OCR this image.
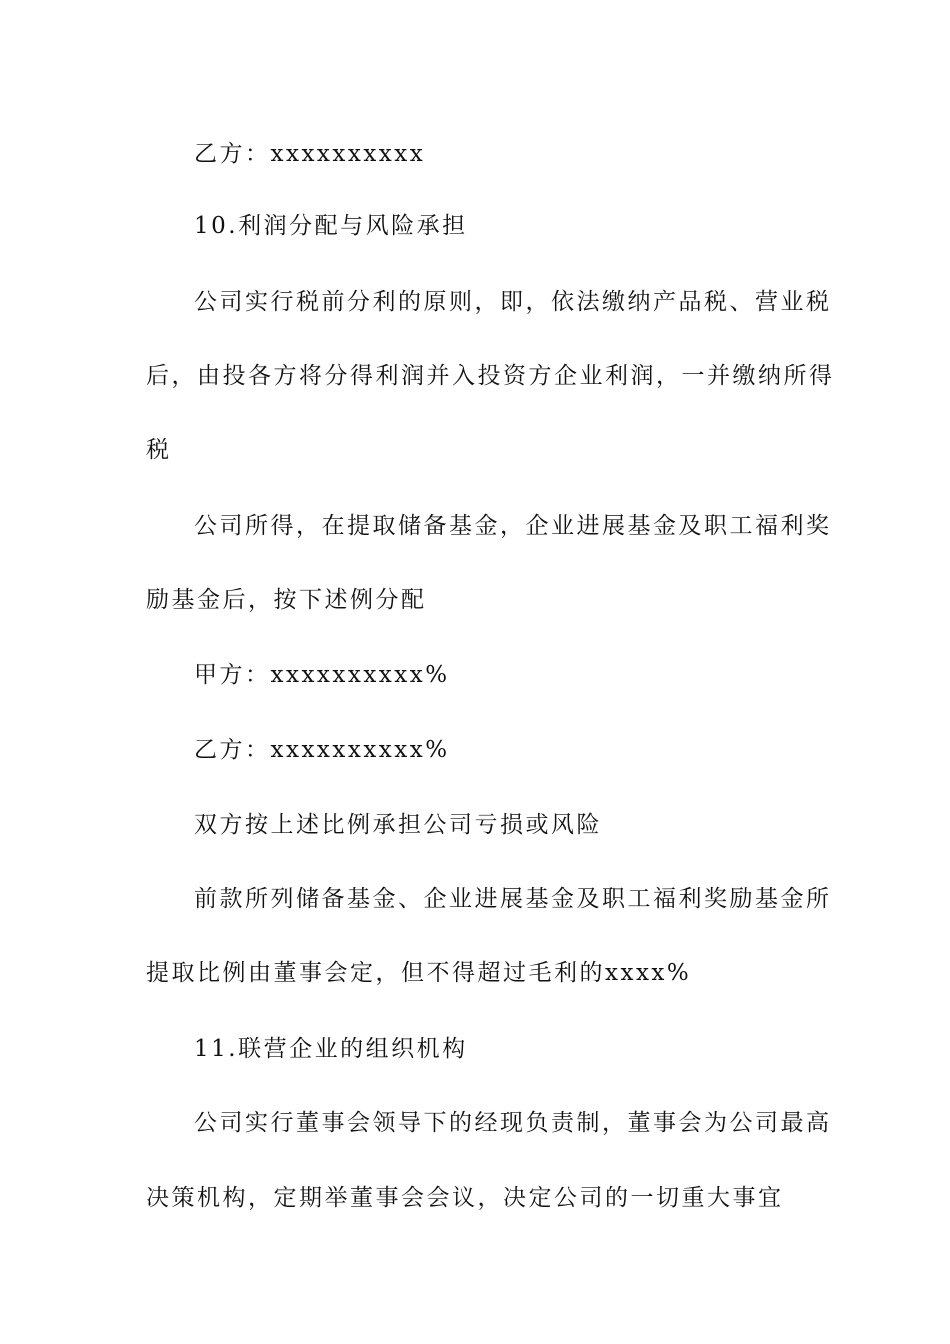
乙方：xxxxxxxxxx
10.利润分配与风险承担
公司实行税前分利的原则，即，依法缴纳产品税、营业税
后，由投各方将分得利润并入投资方企业利润，一并缴纳所得
税
公司所得，在提取储备基金，企业进展基金及职工福利奖
励基金后，按下述例分配
甲方：xxxxxxxxxx%
乙方：xxxxxxxxxx%
双方按上述比例承担公司亏损或风险
前款所列储备基金、企业进展基金及职工福利奖励基金所
提取比例由董事会定，但不得超过毛利的xxxx%
11.联营企业的组织机构
公司实行董事会领导下的经现负责制，董事会为公司最高
决策机构，定期举董事会会议，决定公司的一切重大事宜
